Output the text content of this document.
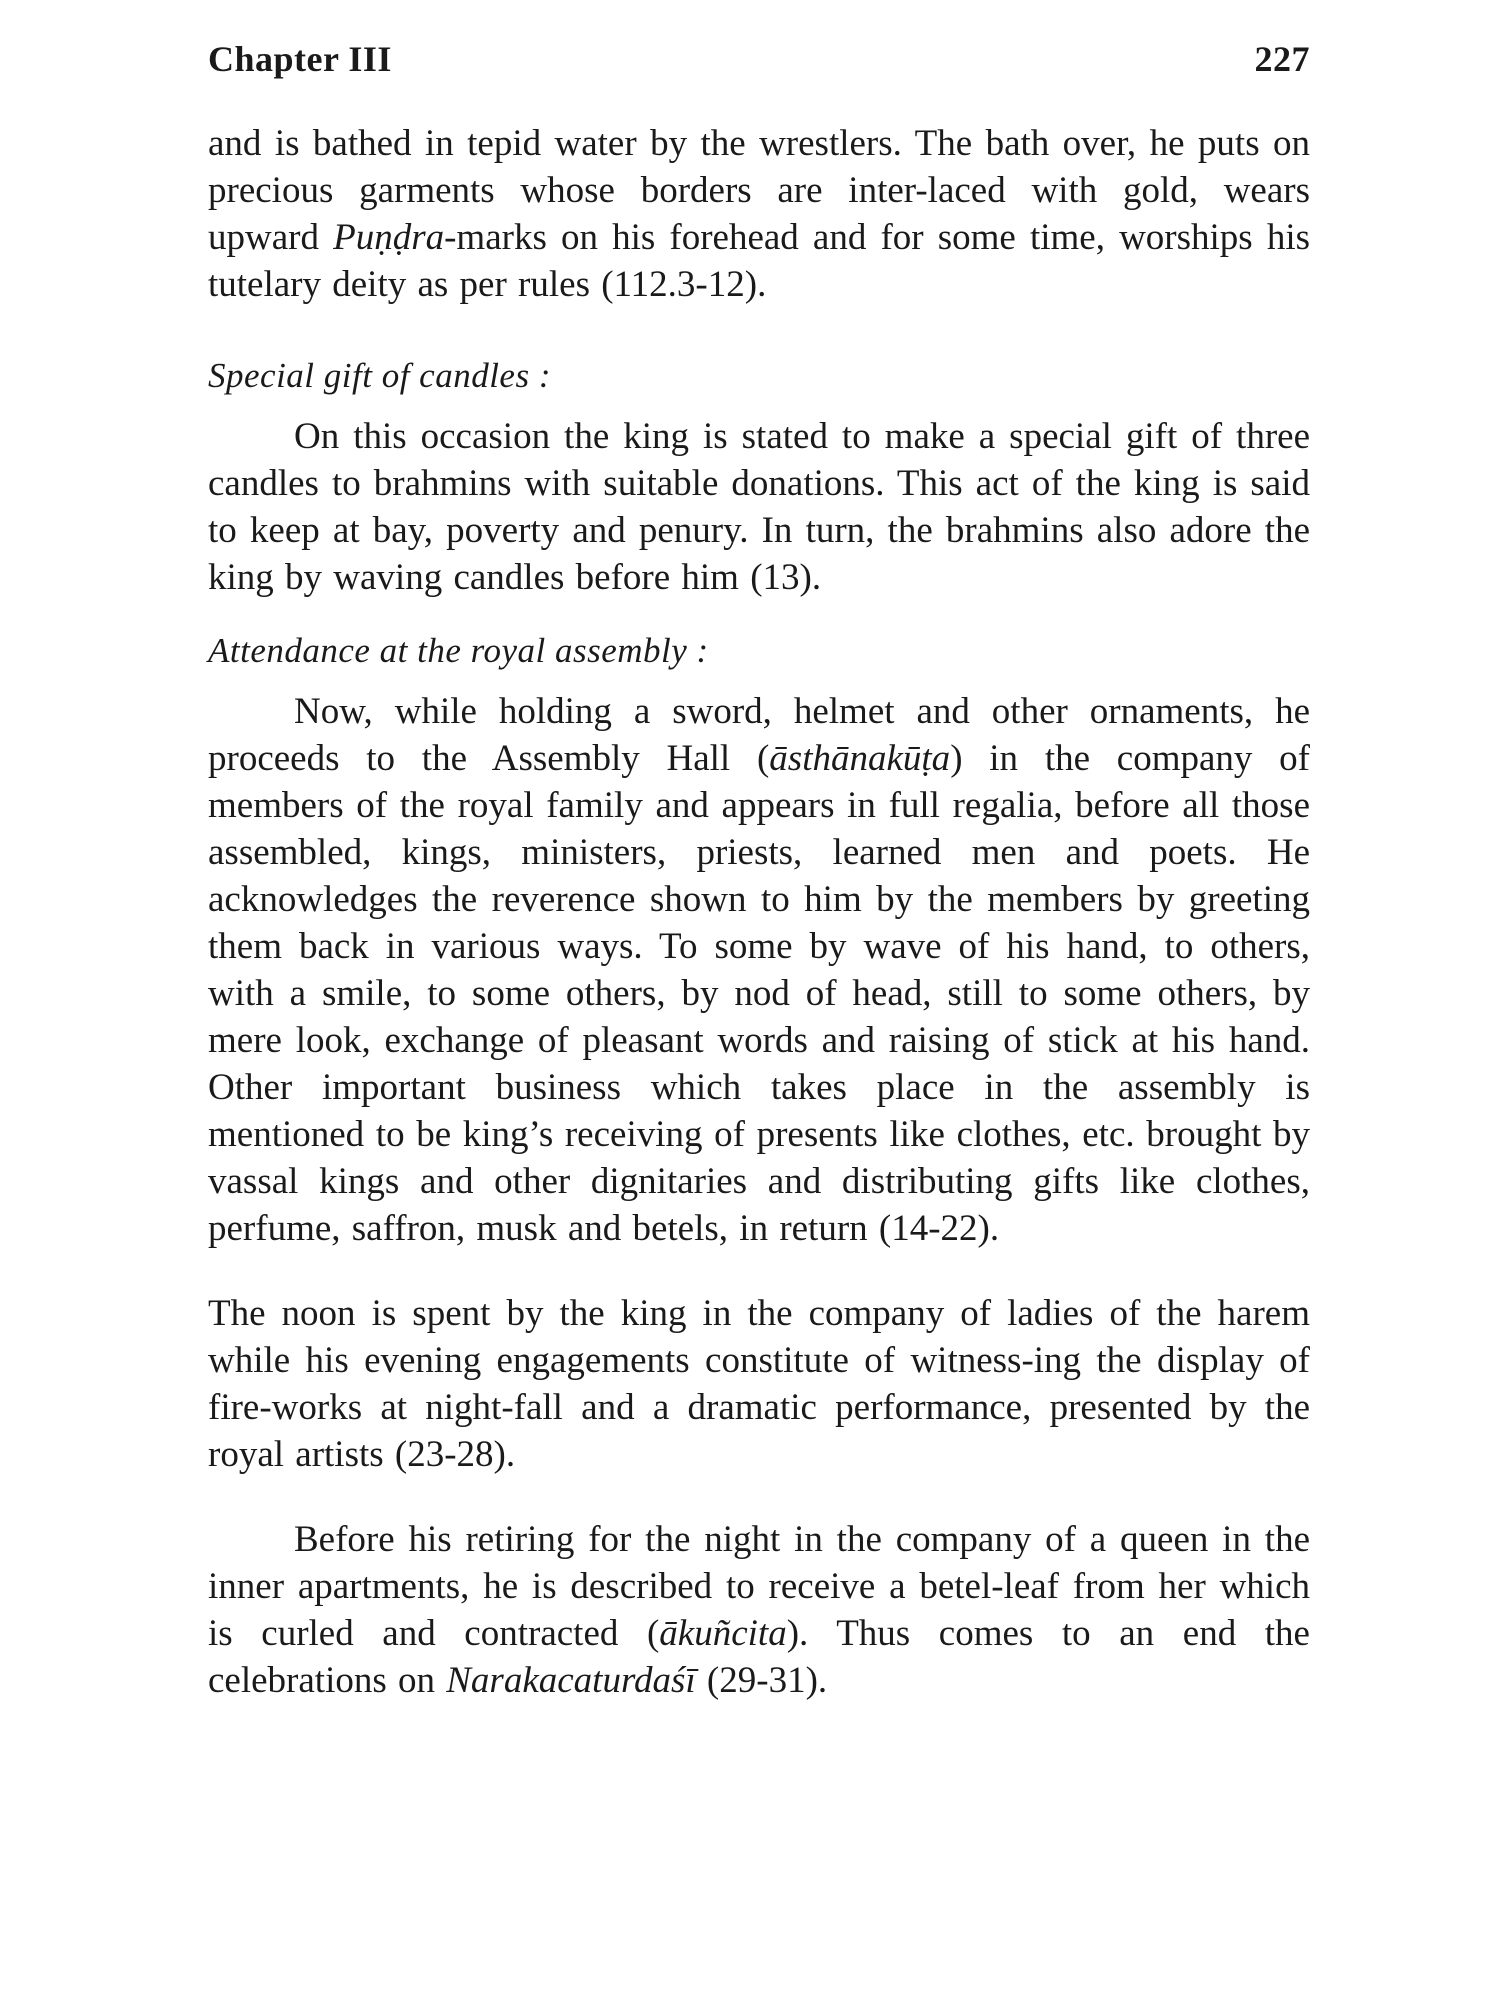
Chapter III	227

and is bathed in tepid water by the wrestlers. The bath over, he puts on precious garments whose borders are inter-laced with gold, wears upward Puṇḍra-marks on his forehead and for some time, worships his tutelary deity as per rules (112.3-12).

Special gift of candles :

On this occasion the king is stated to make a special gift of three candles to brahmins with suitable donations. This act of the king is said to keep at bay, poverty and penury. In turn, the brahmins also adore the king by waving candles before him (13).

Attendance at the royal assembly :

Now, while holding a sword, helmet and other ornaments, he proceeds to the Assembly Hall (āsthānakūṭa) in the company of members of the royal family and appears in full regalia, before all those assembled, kings, ministers, priests, learned men and poets. He acknowledges the reverence shown to him by the members by greeting them back in various ways. To some by wave of his hand, to others, with a smile, to some others, by nod of head, still to some others, by mere look, exchange of pleasant words and raising of stick at his hand. Other important business which takes place in the assembly is mentioned to be king’s receiving of presents like clothes, etc. brought by vassal kings and other dignitaries and distributing gifts like clothes, perfume, saffron, musk and betels, in return (14-22).

The noon is spent by the king in the company of ladies of the harem while his evening engagements constitute of witness-ing the display of fire-works at night-fall and a dramatic performance, presented by the royal artists (23-28).

Before his retiring for the night in the company of a queen in the inner apartments, he is described to receive a betel-leaf from her which is curled and contracted (ākuñcita). Thus comes to an end the celebrations on Narakacaturdaśī (29-31).
